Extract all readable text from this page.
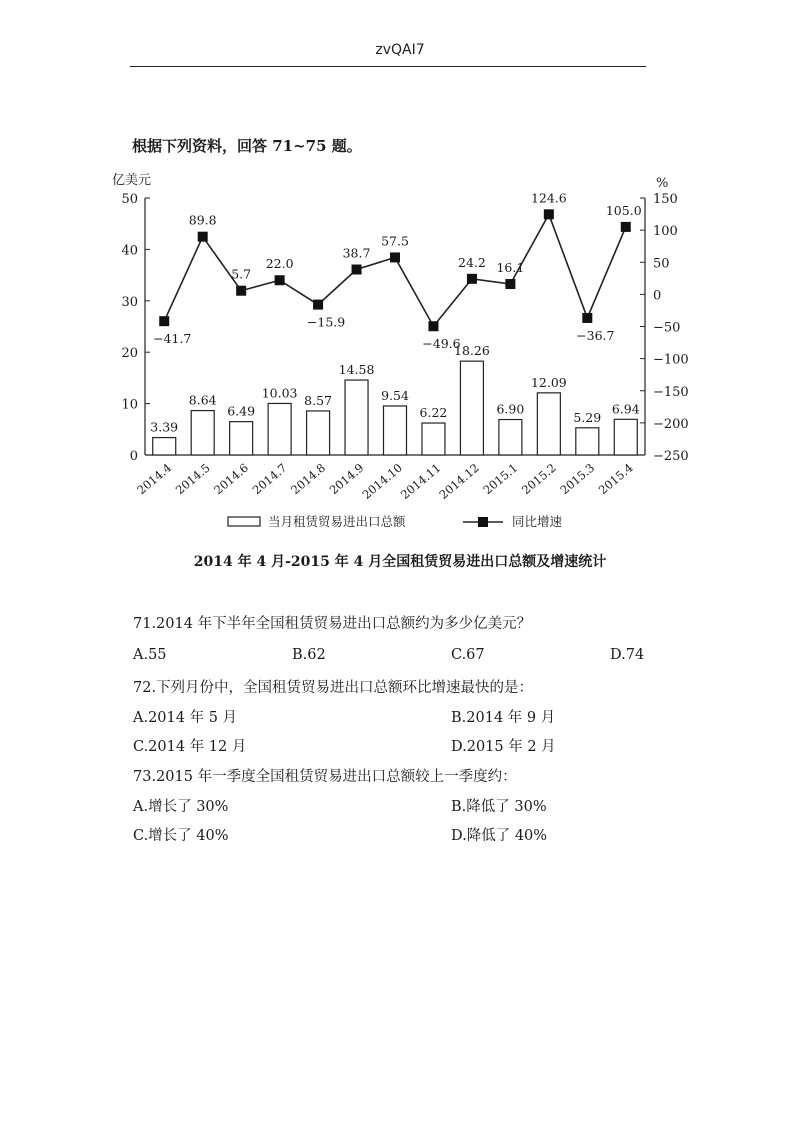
zvQAI7
根据下列资料，回答 71~75 题。
0
10
20
30
40
50
亿美元
150
100
50
0
−50
−100
−150
−200
−250
%
2014.4
2014.5
2014.6
2014.7
2014.8
2014.9
2014.10
2014.11
2014.12
2015.1
2015.2
2015.3
2015.4
3.39
8.64
6.49
10.03
8.57
14.58
9.54
6.22
18.26
6.90
12.09
5.29
6.94
−41.7
89.8
5.7
22.0
−15.9
38.7
57.5
−49.6
24.2 16.1
124.6
−36.7
105.0
当月租赁贸易进出口总额	同比增速
2014 年 4 月-2015 年 4 月全国租赁贸易进出口总额及增速统计
71.2014 年下半年全国租赁贸易进出口总额约为多少亿美元？
A.55	B.62	C.67	D.74
72.下列月份中，全国租赁贸易进出口总额环比增速最快的是：
A.2014 年 5 月	B.2014 年 9 月
C.2014 年 12 月	D.2015 年 2 月
73.2015 年一季度全国租赁贸易进出口总额较上一季度约：
A.增长了 30%	B.降低了 30%
C.增长了 40%	D.降低了 40%
